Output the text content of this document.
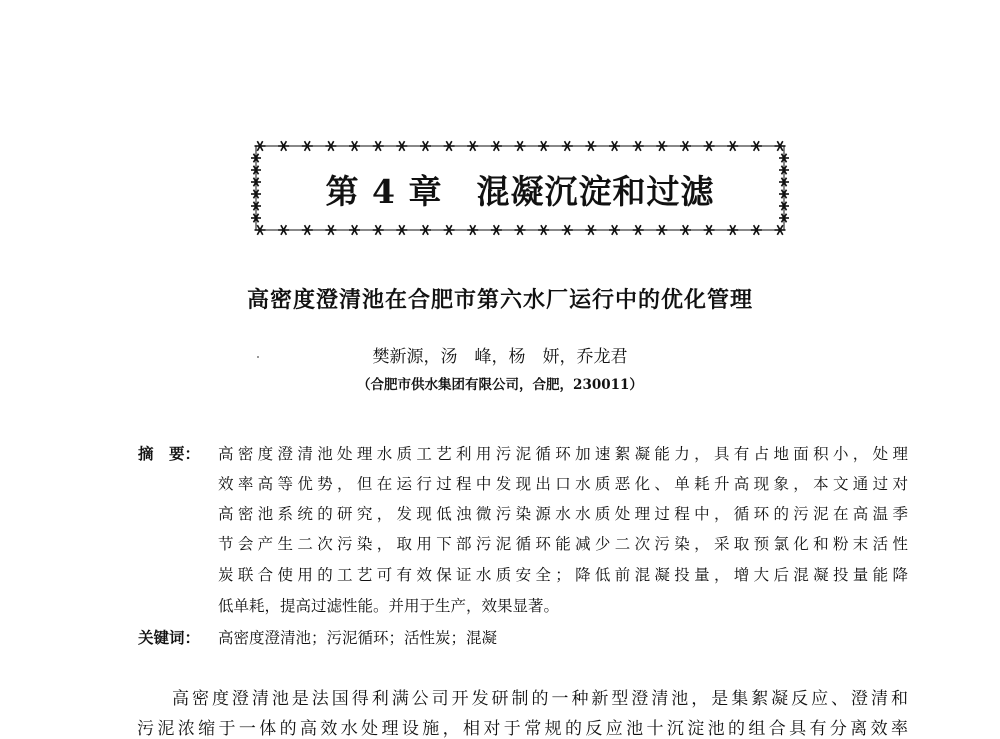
第 4 章　混凝沉淀和过滤
高密度澄清池在合肥市第六水厂运行中的优化管理
樊新源，汤　峰，杨　妍，乔龙君
（合肥市供水集团有限公司，合肥，230011）
摘　要： 高密度澄清池处理水质工艺利用污泥循环加速絮凝能力，具有占地面积小，处理
效率高等优势，但在运行过程中发现出口水质恶化、单耗升高现象，本文通过对
高密池系统的研究，发现低浊微污染源水水质处理过程中，循环的污泥在高温季
节会产生二次污染，取用下部污泥循环能减少二次污染，采取预氯化和粉末活性
炭联合使用的工艺可有效保证水质安全；降低前混凝投量，增大后混凝投量能降
低单耗，提高过滤性能。并用于生产，效果显著。
关键词： 高密度澄清池；污泥循环；活性炭；混凝
高密度澄清池是法国得利满公司开发研制的一种新型澄清池，是集絮凝反应、澄清和
污泥浓缩于一体的高效水处理设施，相对于常规的反应池十沉淀池的组合具有分离效率
